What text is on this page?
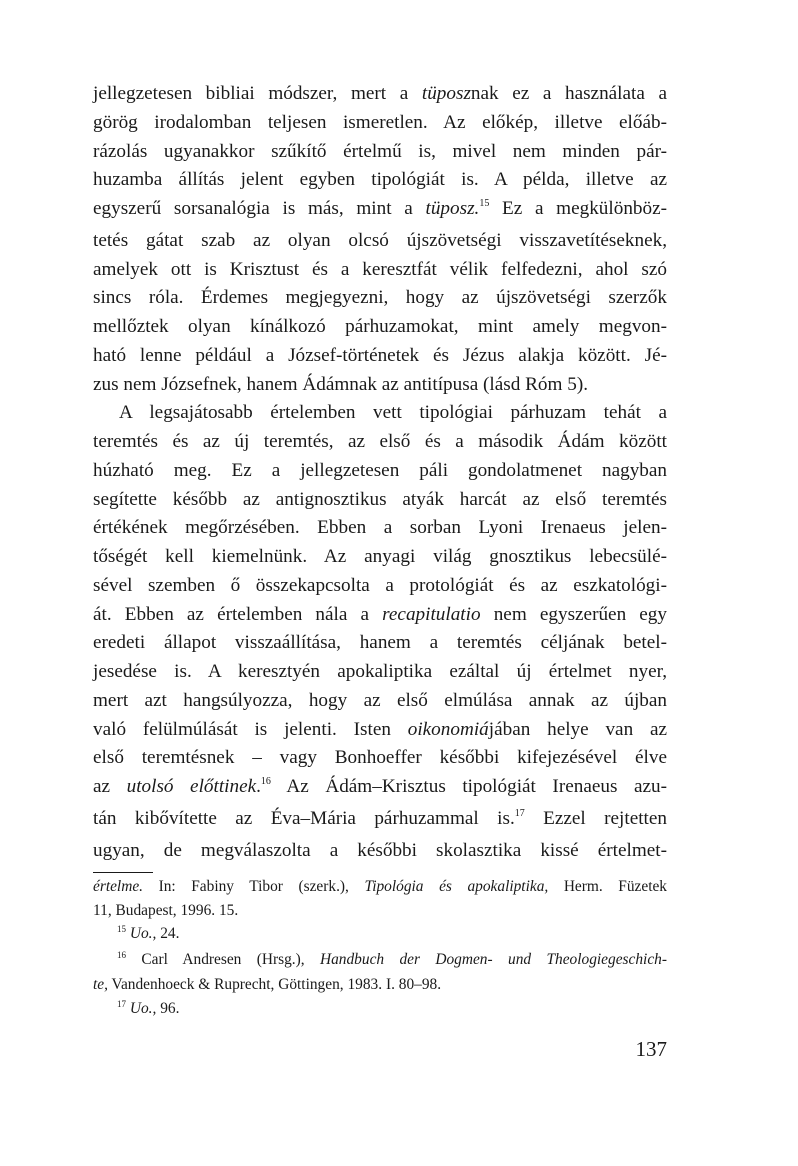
jellegzetesen bibliai módszer, mert a tüposznak ez a használata a
görög irodalomban teljesen ismeretlen. Az előkép, illetve előáb-
rázolás ugyanakkor szűkítő értelmű is, mivel nem minden pár-
huzamba állítás jelent egyben tipológiát is. A példa, illetve az
egyszerű sorsanalógia is más, mint a tüposz.$^{15}$ Ez a megkülönböz-
tetés gátat szab az olyan olcsó újszövetségi visszavetítéseknek,
amelyek ott is Krisztust és a keresztfát vélik felfedezni, ahol szó
sincs róla. Érdemes megjegyezni, hogy az újszövetségi szerzők
mellőztek olyan kínálkozó párhuzamokat, mint amely megvon-
ható lenne például a József-történetek és Jézus alakja között. Jé-
zus nem Józsefnek, hanem Ádámnak az antitípusa (lásd Róm 5).
A legsajátosabb értelemben vett tipológiai párhuzam tehát a
teremtés és az új teremtés, az első és a második Ádám között
húzható meg. Ez a jellegzetesen páli gondolatmenet nagyban
segítette később az antignosztikus atyák harcát az első teremtés
értékének megőrzésében. Ebben a sorban Lyoni Irenaeus jelen-
tőségét kell kiemelnünk. Az anyagi világ gnosztikus lebecsülé-
sével szemben ő összekapcsolta a protológiát és az eszkatológi-
át. Ebben az értelemben nála a recapitulatio nem egyszerűen egy
eredeti állapot visszaállítása, hanem a teremtés céljának betel-
jesedése is. A keresztyén apokaliptika ezáltal új értelmet nyer,
mert azt hangsúlyozza, hogy az első elmúlása annak az újban
való felülmúlását is jelenti. Isten oikonomiájában helye van az
első teremtésnek – vagy Bonhoeffer későbbi kifejezésével élve
az utolsó előttinek.$^{16}$ Az Ádám–Krisztus tipológiát Irenaeus azu-
tán kibővítette az Éva–Mária párhuzammal is.$^{17}$ Ezzel rejtetten
ugyan, de megválaszolta a későbbi skolasztika kissé értelmet-
értelme. In: Fabiny Tibor (szerk.), Tipológia és apokaliptika, Herm. Füzetek
11, Budapest, 1996. 15.
$^{15}$ Uo., 24.
$^{16}$ Carl Andresen (Hrsg.), Handbuch der Dogmen- und Theologiegeschich-
te, Vandenhoeck & Ruprecht, Göttingen, 1983. I. 80–98.
$^{17}$ Uo., 96.
137
